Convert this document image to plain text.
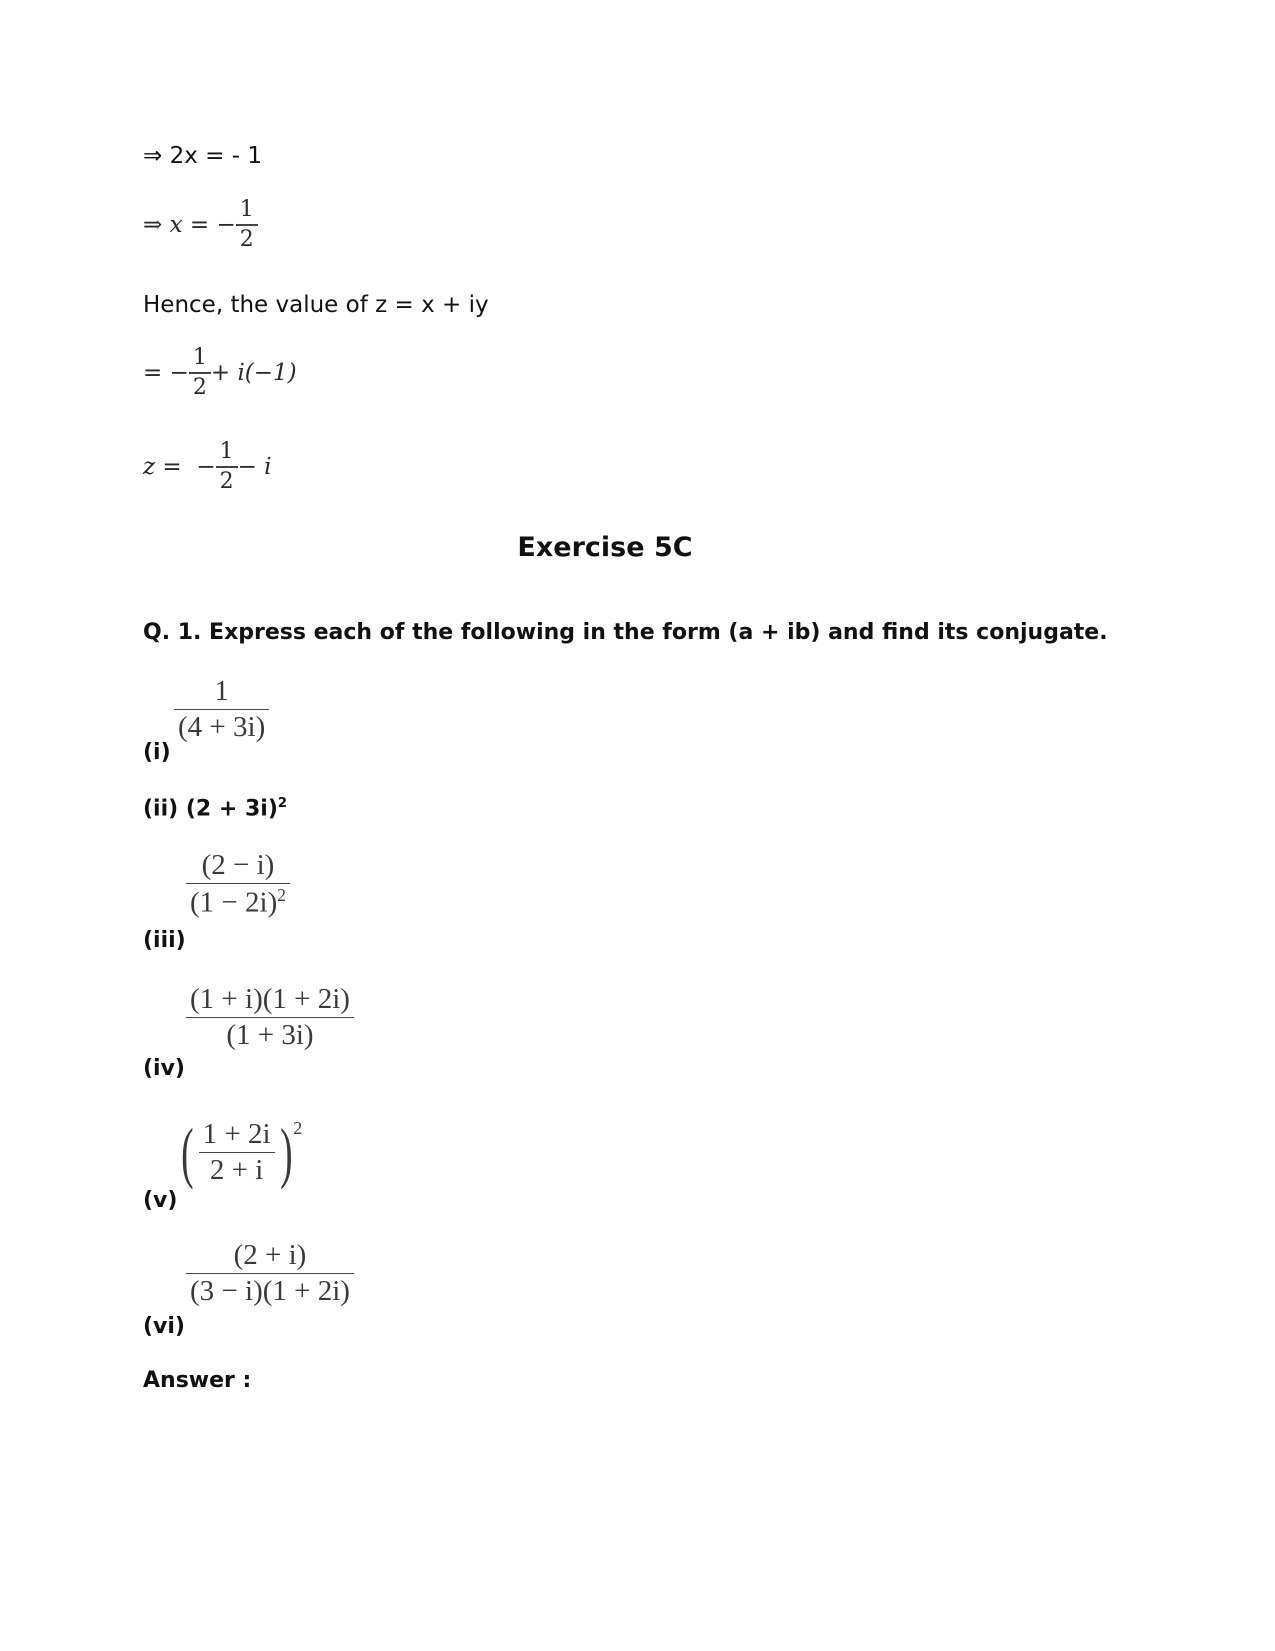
⇒ 2x = - 1
⇒ x = − $\frac{1}{2}$
Hence, the value of z = x + iy
= − $\frac{1}{2} + i(-1)$
z =  − $\frac{1}{2} - i$
Exercise 5C
Q. 1. Express each of the following in the form (a + ib) and find its conjugate.
(i)
1
(4 + 3i)
(ii) $(2 + 3i)^2$
(iii)
(2 − i)
$(1 - 2i)^2$
(iv)
(1 + i)(1 + 2i)
(1 + 3i)
(v)
( $\frac{1 + 2i}{2 + i}$ ) 2
(vi)
(2 + i)
(3 − i)(1 + 2i)
Answer :
